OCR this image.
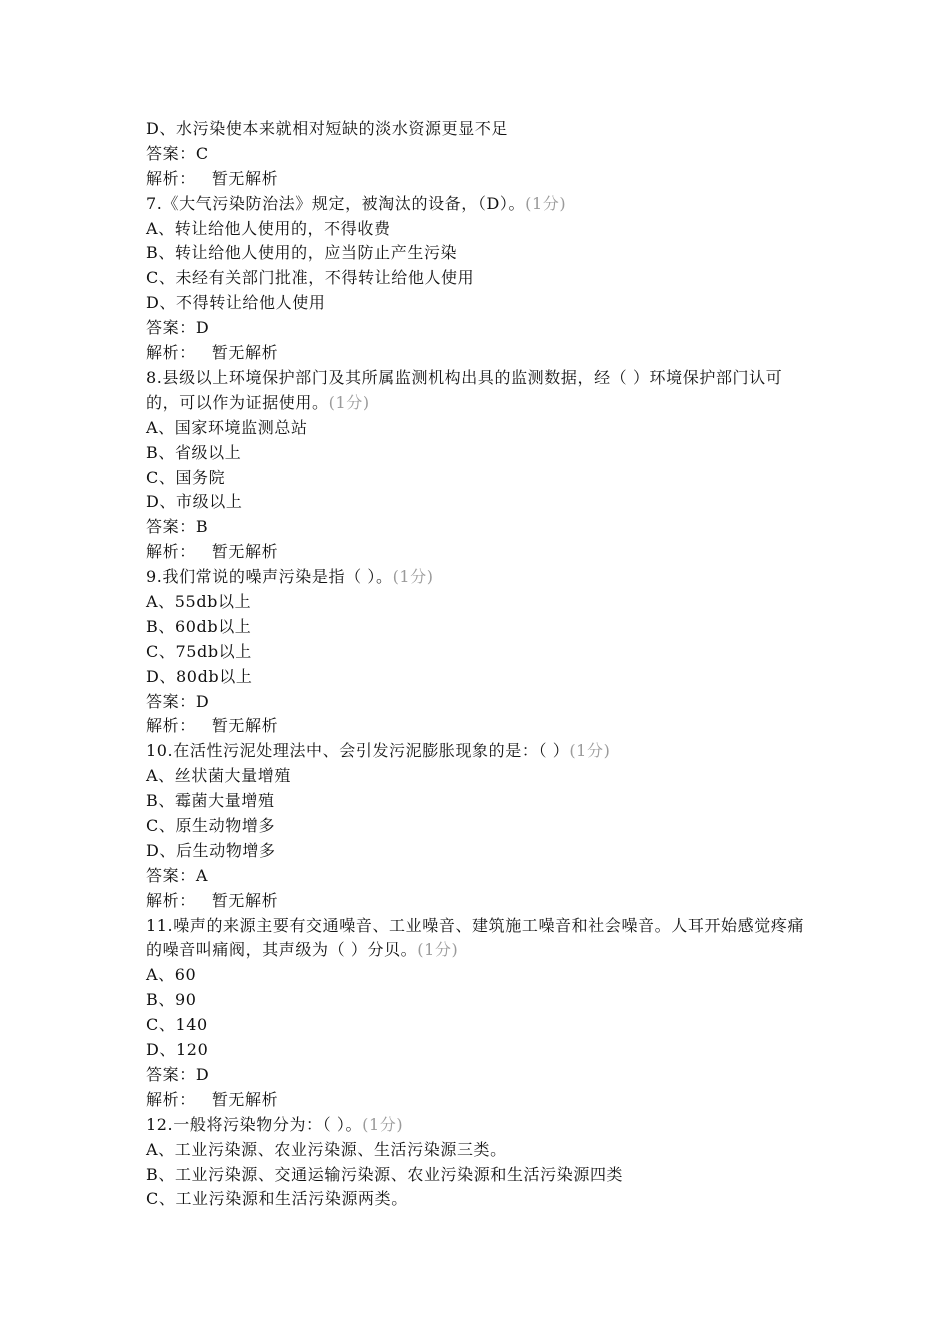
D、水污染使本来就相对短缺的淡水资源更显不足
答案：C
解析： 暂无解析
7.《大气污染防治法》规定，被淘汰的设备，（D）。(1分)
A、转让给他人使用的，不得收费
B、转让给他人使用的，应当防止产生污染
C、未经有关部门批准，不得转让给他人使用
D、不得转让给他人使用
答案：D
解析： 暂无解析
8.县级以上环境保护部门及其所属监测机构出具的监测数据，经（ ）环境保护部门认可的，可以作为证据使用。(1分)
A、国家环境监测总站
B、省级以上
C、国务院
D、市级以上
答案：B
解析： 暂无解析
9.我们常说的噪声污染是指（ ）。(1分)
A、55db以上
B、60db以上
C、75db以上
D、80db以上
答案：D
解析： 暂无解析
10.在活性污泥处理法中、会引发污泥膨胀现象的是：（ ）(1分)
A、丝状菌大量增殖
B、霉菌大量增殖
C、原生动物增多
D、后生动物增多
答案：A
解析： 暂无解析
11.噪声的来源主要有交通噪音、工业噪音、建筑施工噪音和社会噪音。人耳开始感觉疼痛的噪音叫痛阀，其声级为（ ）分贝。(1分)
A、60
B、90
C、140
D、120
答案：D
解析： 暂无解析
12.一般将污染物分为：（ ）。(1分)
A、工业污染源、农业污染源、生活污染源三类。
B、工业污染源、交通运输污染源、农业污染源和生活污染源四类
C、工业污染源和生活污染源两类。
